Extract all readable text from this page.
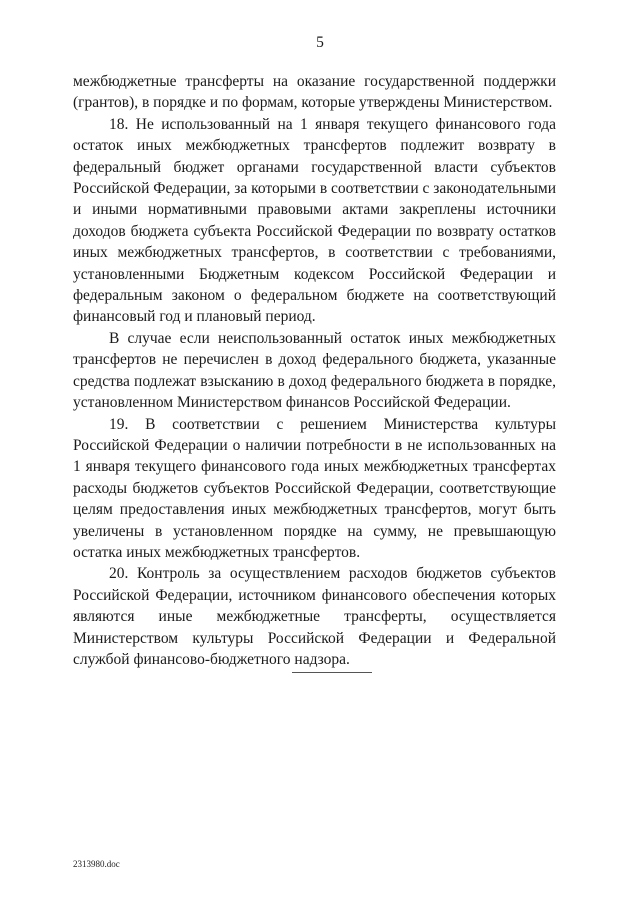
5

межбюджетные трансферты на оказание государственной поддержки (грантов), в порядке и по формам, которые утверждены Министерством.

18. Не использованный на 1 января текущего финансового года остаток иных межбюджетных трансфертов подлежит возврату в федеральный бюджет органами государственной власти субъектов Российской Федерации, за которыми в соответствии с законодательными и иными нормативными правовыми актами закреплены источники доходов бюджета субъекта Российской Федерации по возврату остатков иных межбюджетных трансфертов, в соответствии с требованиями, установленными Бюджетным кодексом Российской Федерации и федеральным законом о федеральном бюджете на соответствующий финансовый год и плановый период.

В случае если неиспользованный остаток иных межбюджетных трансфертов не перечислен в доход федерального бюджета, указанные средства подлежат взысканию в доход федерального бюджета в порядке, установленном Министерством финансов Российской Федерации.

19. В соответствии с решением Министерства культуры Российской Федерации о наличии потребности в не использованных на 1 января текущего финансового года иных межбюджетных трансфертах расходы бюджетов субъектов Российской Федерации, соответствующие целям предоставления иных межбюджетных трансфертов, могут быть увеличены в установленном порядке на сумму, не превышающую остатка иных межбюджетных трансфертов.

20. Контроль за осуществлением расходов бюджетов субъектов Российской Федерации, источником финансового обеспечения которых являются иные межбюджетные трансферты, осуществляется Министерством культуры Российской Федерации и Федеральной службой финансово-бюджетного надзора.

2313980.doc
